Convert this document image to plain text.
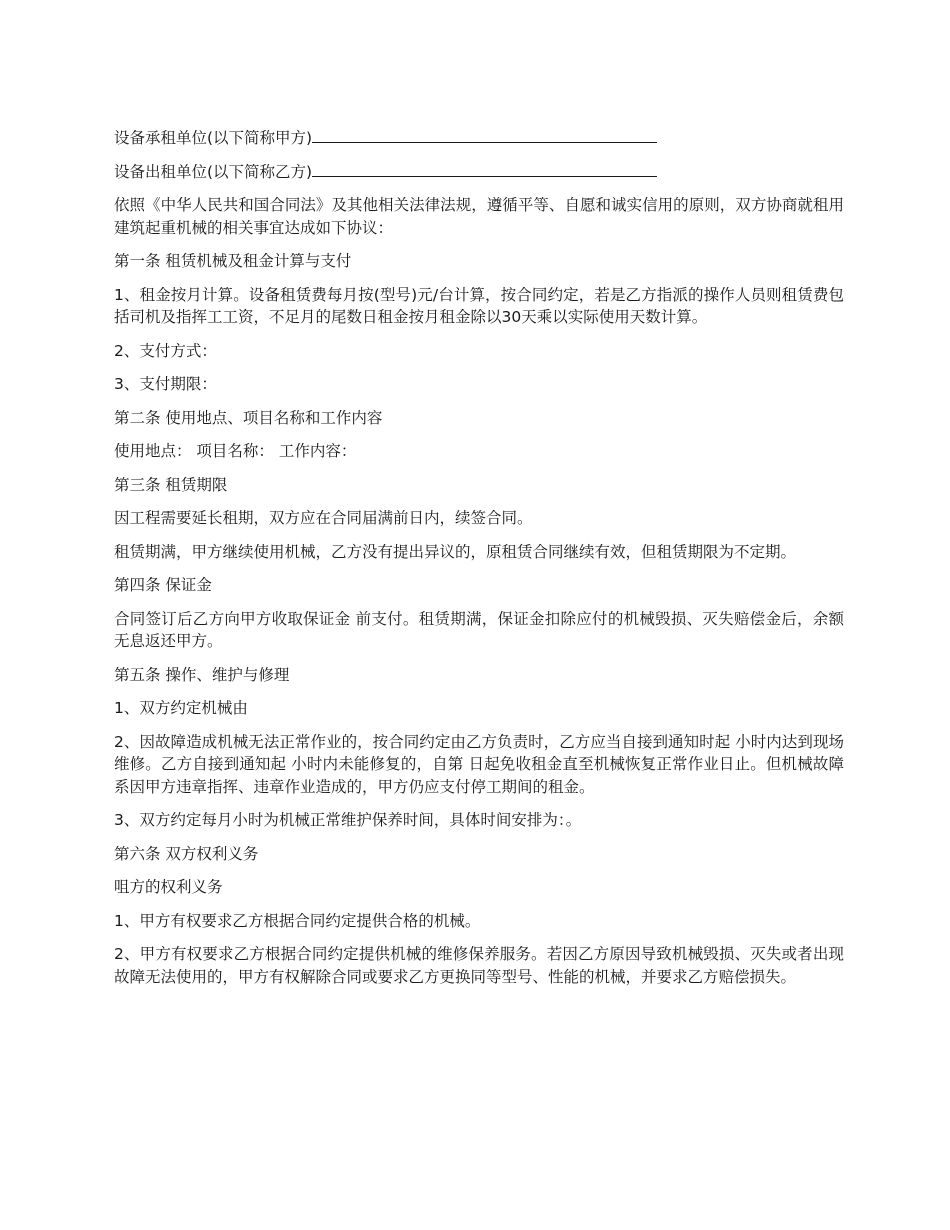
设备承租单位(以下简称甲方)

设备出租单位(以下简称乙方)

依照《中华人民共和国合同法》及其他相关法律法规，遵循平等、自愿和诚实信用的原则，双方协商就租用建筑起重机械的相关事宜达成如下协议：

第一条 租赁机械及租金计算与支付

1、租金按月计算。设备租赁费每月按(型号)元/台计算，按合同约定，若是乙方指派的操作人员则租赁费包括司机及指挥工工资，不足月的尾数日租金按月租金除以30天乘以实际使用天数计算。

2、支付方式：

3、支付期限：

第二条 使用地点、项目名称和工作内容

使用地点： 项目名称： 工作内容：

第三条 租赁期限

因工程需要延长租期，双方应在合同届满前日内，续签合同。

租赁期满，甲方继续使用机械，乙方没有提出异议的，原租赁合同继续有效，但租赁期限为不定期。

第四条 保证金

合同签订后乙方向甲方收取保证金 前支付。租赁期满，保证金扣除应付的机械毁损、灭失赔偿金后，余额无息返还甲方。

第五条 操作、维护与修理

1、双方约定机械由

2、因故障造成机械无法正常作业的，按合同约定由乙方负责时，乙方应当自接到通知时起 小时内达到现场维修。乙方自接到通知起 小时内未能修复的，自第 日起免收租金直至机械恢复正常作业日止。但机械故障系因甲方违章指挥、违章作业造成的，甲方仍应支付停工期间的租金。

3、双方约定每月小时为机械正常维护保养时间，具体时间安排为：。

第六条 双方权利义务

咀方的权利义务

1、甲方有权要求乙方根据合同约定提供合格的机械。

2、甲方有权要求乙方根据合同约定提供机械的维修保养服务。若因乙方原因导致机械毁损、灭失或者出现故障无法使用的，甲方有权解除合同或要求乙方更换同等型号、性能的机械，并要求乙方赔偿损失。
